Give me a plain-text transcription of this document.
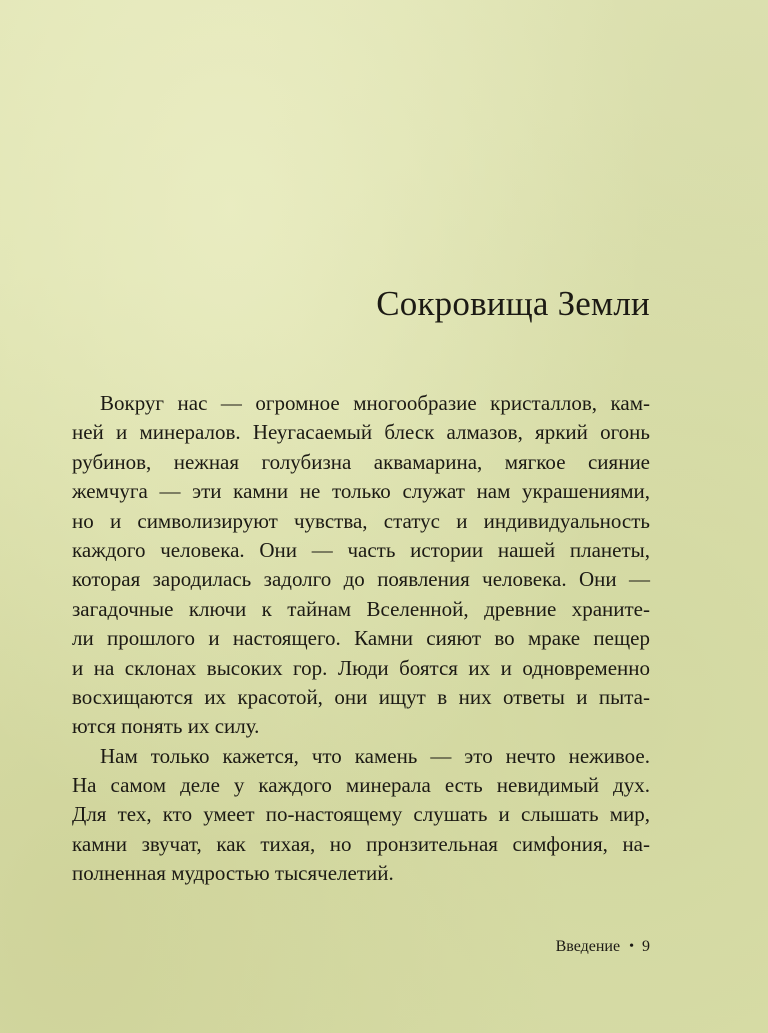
Сокровища Земли

Вокруг нас — огромное многообразие кристаллов, кам-
ней и минералов. Неугасаемый блеск алмазов, яркий огонь
рубинов, нежная голубизна аквамарина, мягкое сияние
жемчуга — эти камни не только служат нам украшениями,
но и символизируют чувства, статус и индивидуальность
каждого человека. Они — часть истории нашей планеты,
которая зародилась задолго до появления человека. Они —
загадочные ключи к тайнам Вселенной, древние храните-
ли прошлого и настоящего. Камни сияют во мраке пещер
и на склонах высоких гор. Люди боятся их и одновременно
восхищаются их красотой, они ищут в них ответы и пыта-
ются понять их силу.

Нам только кажется, что камень — это нечто неживое.
На самом деле у каждого минерала есть невидимый дух.
Для тех, кто умеет по-настоящему слушать и слышать мир,
камни звучат, как тихая, но пронзительная симфония, на-
полненная мудростью тысячелетий.

Введение • 9
